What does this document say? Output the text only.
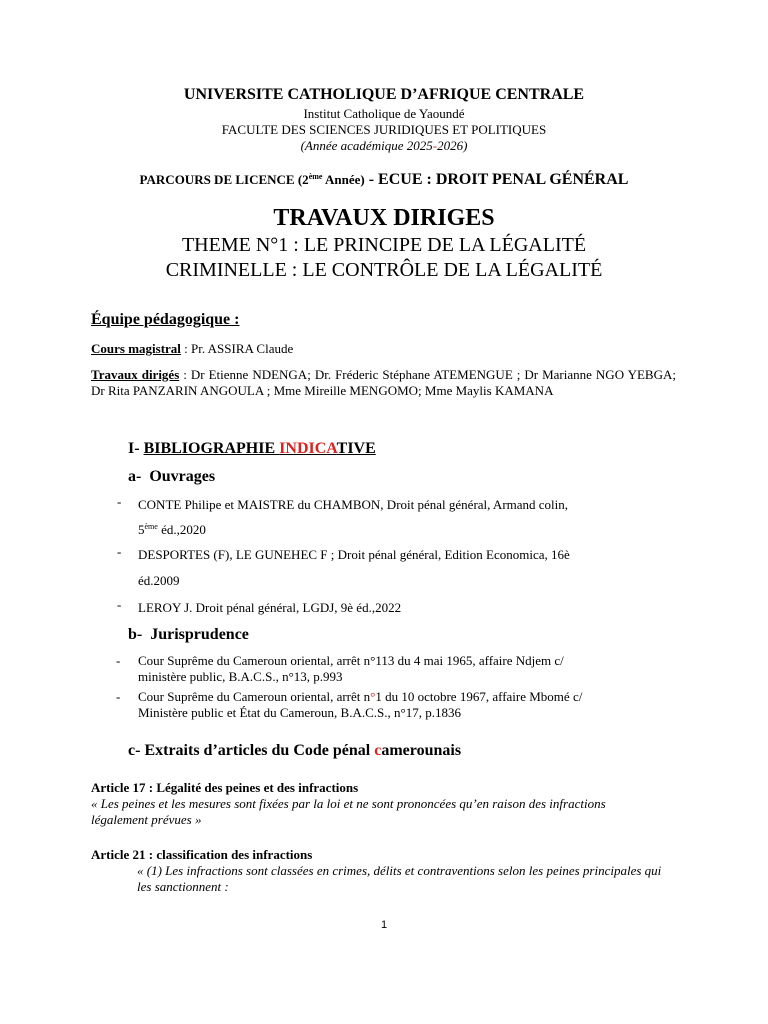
UNIVERSITE CATHOLIQUE D’AFRIQUE CENTRALE
Institut Catholique de Yaoundé
FACULTE DES SCIENCES JURIDIQUES ET POLITIQUES
(Année académique 2025-2026)
PARCOURS DE LICENCE (2ème Année) - ECUE : DROIT PENAL GÉNÉRAL
TRAVAUX DIRIGES
THEME N°1 : LE PRINCIPE DE LA LÉGALITÉ
CRIMINELLE : LE CONTRÔLE DE LA LÉGALITÉ
Équipe pédagogique :
Cours magistral : Pr. ASSIRA Claude
Travaux dirigés : Dr Etienne NDENGA; Dr. Fréderic Stéphane ATEMENGUE ; Dr Marianne NGO YEBGA; Dr Rita PANZARIN ANGOULA ; Mme Mireille MENGOMO; Mme Maylis KAMANA
I- BIBLIOGRAPHIE INDICATIVE
a- Ouvrages
- CONTE Philipe et MAISTRE du CHAMBON, Droit pénal général, Armand colin,
5ème éd.,2020
- DESPORTES (F), LE GUNEHEC F ; Droit pénal général, Edition Economica, 16è
éd.2009
- LEROY J. Droit pénal général, LGDJ, 9è éd.,2022
b- Jurisprudence
- Cour Suprême du Cameroun oriental, arrêt n°113 du 4 mai 1965, affaire Ndjem c/
ministère public, B.A.C.S., n°13, p.993
- Cour Suprême du Cameroun oriental, arrêt n°1 du 10 octobre 1967, affaire Mbomé c/
Ministère public et État du Cameroun, B.A.C.S., n°17, p.1836
c- Extraits d’articles du Code pénal camerounais
Article 17 : Légalité des peines et des infractions
« Les peines et les mesures sont fixées par la loi et ne sont prononcées qu’en raison des infractions légalement prévues »
Article 21 : classification des infractions
« (1) Les infractions sont classées en crimes, délits et contraventions selon les peines principales qui les sanctionnent :
1
